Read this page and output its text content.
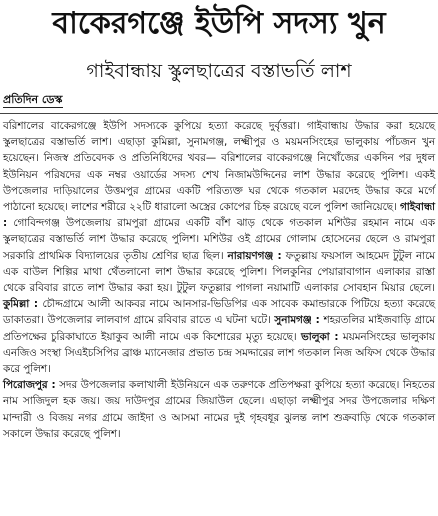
বাকেরগঞ্জে ইউপি সদস্য খুন
গাইবান্ধায় স্কুলছাত্রের বস্তাভর্তি লাশ
প্রতিদিন ডেস্ক
বরিশালের বাকেরগঞ্জে ইউপি সদস্যকে কুপিয়ে হত্যা করেছে দুর্বৃত্তরা। গাইবান্ধায় উদ্ধার করা হয়েছে স্কুলছাত্রের বস্তাভর্তি লাশ। এছাড়া কুমিল্লা, সুনামগঞ্জ, লক্ষ্মীপুর ও ময়মনসিংহের ভালুকায় পাঁচজন খুন হয়েছেন। নিজস্ব প্রতিবেদক ও প্রতিনিধিদের খবর— বরিশালের বাকেরগঞ্জে নিখোঁজের একদিন পর দুধল ইউনিয়ন পরিষদের এক নম্বর ওয়ার্ডের সদস্য শেখ নিজামউদ্দিনের লাশ উদ্ধার করেছে পুলিশ। একই উপজেলার দাড়িয়ালের উত্তমপুর গ্রামের একটি পরিত্যক্ত ঘর থেকে গতকাল মরদেহ উদ্ধার করে মর্গে পাঠানো হয়েছে। লাশের শরীরে ২২টি ধারালো অস্ত্রের কোপের চিহ্ন রয়েছে বলে পুলিশ জানিয়েছে। গাইবান্ধা : গোবিন্দগঞ্জ উপজেলায় রামপুরা গ্রামের একটি বাঁশ ঝাড় থেকে গতকাল মশিউর রহমান নামে এক স্কুলছাত্রের বস্তাভর্তি লাশ উদ্ধার করেছে পুলিশ। মশিউর ওই গ্রামের গোলাম হোসেনের ছেলে ও রামপুরা সরকারি প্রাথমিক বিদ্যালয়ের তৃতীয় শ্রেণির ছাত্র ছিল। নারায়ণগঞ্জ : ফতুল্লায় ফয়সাল আহমেদ টুটুল নামে এক বাউল শিল্পির মাথা থেঁতলানো লাশ উদ্ধার করেছে পুলিশ। পিলকুনির পেয়ারাবাগান এলাকার রাস্তা থেকে রবিবার রাতে লাশ উদ্ধার করা হয়। টুটুল ফতুল্লার পাগলা নয়ামাটি এলাকার সোবহান মিয়ার ছেলে। কুমিল্লা : চৌদ্দগ্রামে আলী আকবর নামে আনসার-ভিডিপির এক সাবেক কমান্ডারকে পিটিয়ে হত্যা করেছে ডাকাতরা। উপজেলার লালবাগ গ্রামে রবিবার রাতে এ ঘটনা ঘটে। সুনামগঞ্জ : শহরতলির মাইজবাড়ি গ্রামে প্রতিপক্ষের চুরিকাঘাতে ইয়াকুব আলী নামে এক কিশোরের মৃত্যু হয়েছে। ভালুকা : ময়মনসিংহের ভালুকায় এনজিও সংস্থা সিএইচসিপির ব্রাঞ্চ ম্যানেজার প্রভাত চন্দ্র সমদ্দারের লাশ গতকাল নিজ অফিস থেকে উদ্ধার করে পুলিশ।
পিরোজপুর : সদর উপজেলার কলাখালী ইউনিয়নে এক তরুণকে প্রতিপক্ষরা কুপিয়ে হত্যা করেছে। নিহতের নাম সাজিদুল হক জয়। জয় দাউদপুর গ্রামের জিয়াউল ছেলে। এছাড়া লক্ষ্মীপুর সদর উপজেলার দক্ষিণ মান্দারী ও বিজয় নগর গ্রামে জাইদা ও আসমা নামের দুই গৃহবধূর ঝুলন্ত লাশ শুক্রবাড়ি থেকে গতকাল সকালে উদ্ধার করেছে পুলিশ।
